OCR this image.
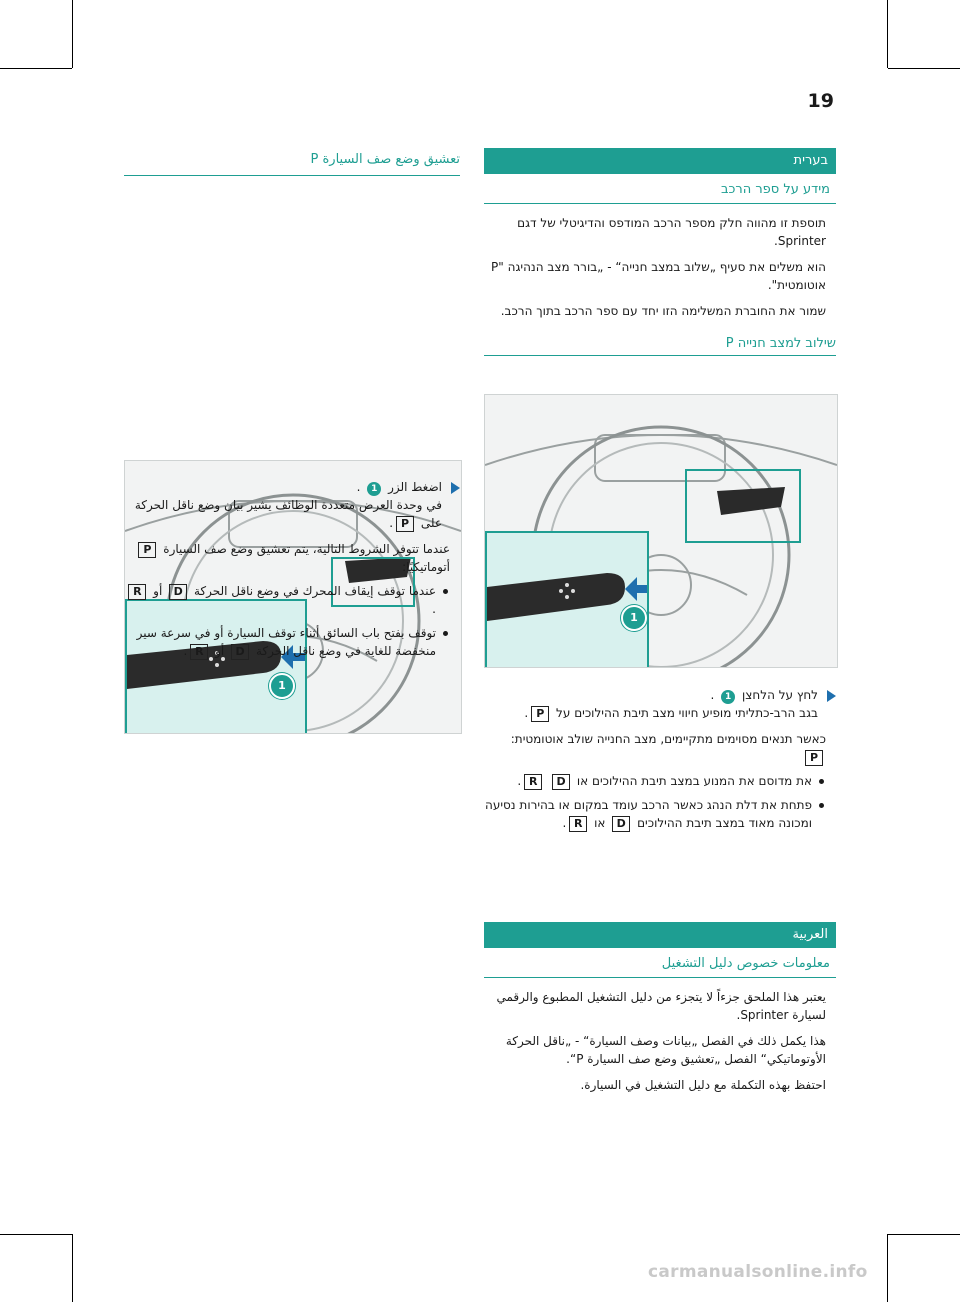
19
בערית
מידע על ספר הרכב

תוספת זו מהווה חלק מספר הרכב המודפס והדיגיטלי של דגם Sprinter.

הוא משלים את סעיף „שלוב במצב חנייה“ - „בורר מצב הנהיגה "P אוטומטית".

שמור את החוברת המשלימה הזו יחד עם ספר הרכב בתוך הרכב.

שילוב למצב חנייה P
1

לחץ על הלחצן 1 .

בגב הרב-כתליתי מופיע חיווי מצב תיבת ההילוכים על P.

כאשר תנאים מסוימים מתקיימים, מצב החנייה שולב אוטומטית: P

את מדוסם את המנוע במצב תיבת ההילוכים או D R.

פתחת את דלת הנהג כאשר הרכב עומד במקום או בהירות נסיעה ומכונה מאוד במצב תיבת ההילוכים D או R.

تعشيق وضع صف السيارة P
1

اضغط الزر 1 .

في وحدة العرض متعددة الوظائف يشير بيان وضع ناقل الحركة على P.

عندما تتوفر الشروط التالية، يتم تعشيق وضع صف السيارة P أتوماتيكيًا:

عندما توقف إيقاف المحرك في وضع ناقل الحركة D أو R.

توقف بفتح باب السائق أثناء توقف السيارة أو في سرعة سير منخفضة للغاية في وضع ناقل الحركة D أو R.

العربية
معلومات خصوص دليل التشغيل

يعتبر هذا الملحق جزءاً لا يتجزء من دليل التشغيل المطبوع والرقمي لسيارة Sprinter.

هذا يكمل ذلك في الفصل „بيانات وصف السيارة“ - „ناقل الحركة الأوتوماتيكي“ الفصل „تعشيق وضع صف السيارة P“.

احتفظ بهذه التكملة مع دليل التشغيل في السيارة.

carmanualsonline.info
